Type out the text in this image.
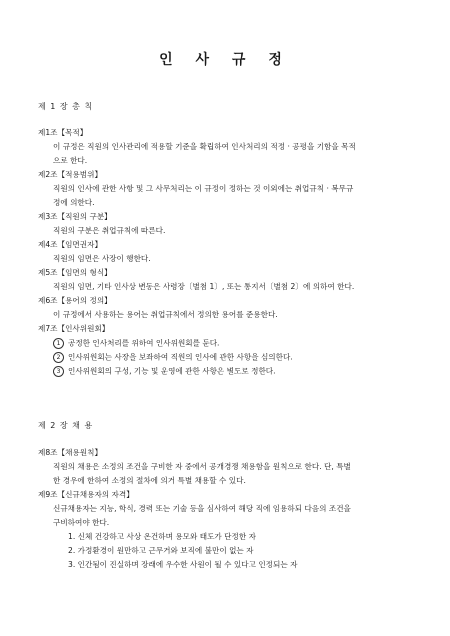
인 사 규 정
제 1 장 총 칙
제1조【목적】
이 규정은 직원의 인사관리에 적용할 기준을 확립하여 인사처리의 적정 · 공평을 기함을 목적
으로 한다.
제2조【적용범위】
직원의 인사에 관한 사항 및 그 사무처리는 이 규정이 정하는 것 이외에는 취업규칙 · 복무규
정에 의한다.
제3조【직원의 구분】
직원의 구분은 취업규칙에 따른다.
제4조【임면권자】
직원의 임면은 사장이 행한다.
제5조【임면의 형식】
직원의 임면, 기타 인사상 변동은 사령장〔별첨 1〕, 또는 통지서〔별첨 2〕에 의하여 한다.
제6조【용어의 정의】
이 규정에서 사용하는 용어는 취업규칙에서 정의한 용어를 준용한다.
제7조【인사위원회】
1 공정한 인사처리를 위하여 인사위원회를 둔다.
2 인사위원회는 사장을 보좌하여 직원의 인사에 관한 사항을 심의한다.
3 인사위원회의 구성, 기능 및 운영에 관한 사항은 별도로 정한다.
제 2 장 채 용
제8조【채용원칙】
직원의 채용은 소정의 조건을 구비한 자 중에서 공개경쟁 채용함을 원칙으로 한다. 단, 특별
한 경우에 한하여 소정의 절차에 의거 특별 채용할 수 있다.
제9조【신규채용자의 자격】
신규채용자는 지능, 학식, 경력 또는 기술 등을 심사하여 해당 직에 임용하되 다음의 조건을
구비하여야 한다.
1. 신체 건강하고 사상 온건하며 용모와 태도가 단정한 자
2. 가정환경이 원만하고 근무거와 보직에 불만이 없는 자
3. 인간됨이 진실하며 장래에 우수한 사원이 될 수 있다고 인정되는 자
